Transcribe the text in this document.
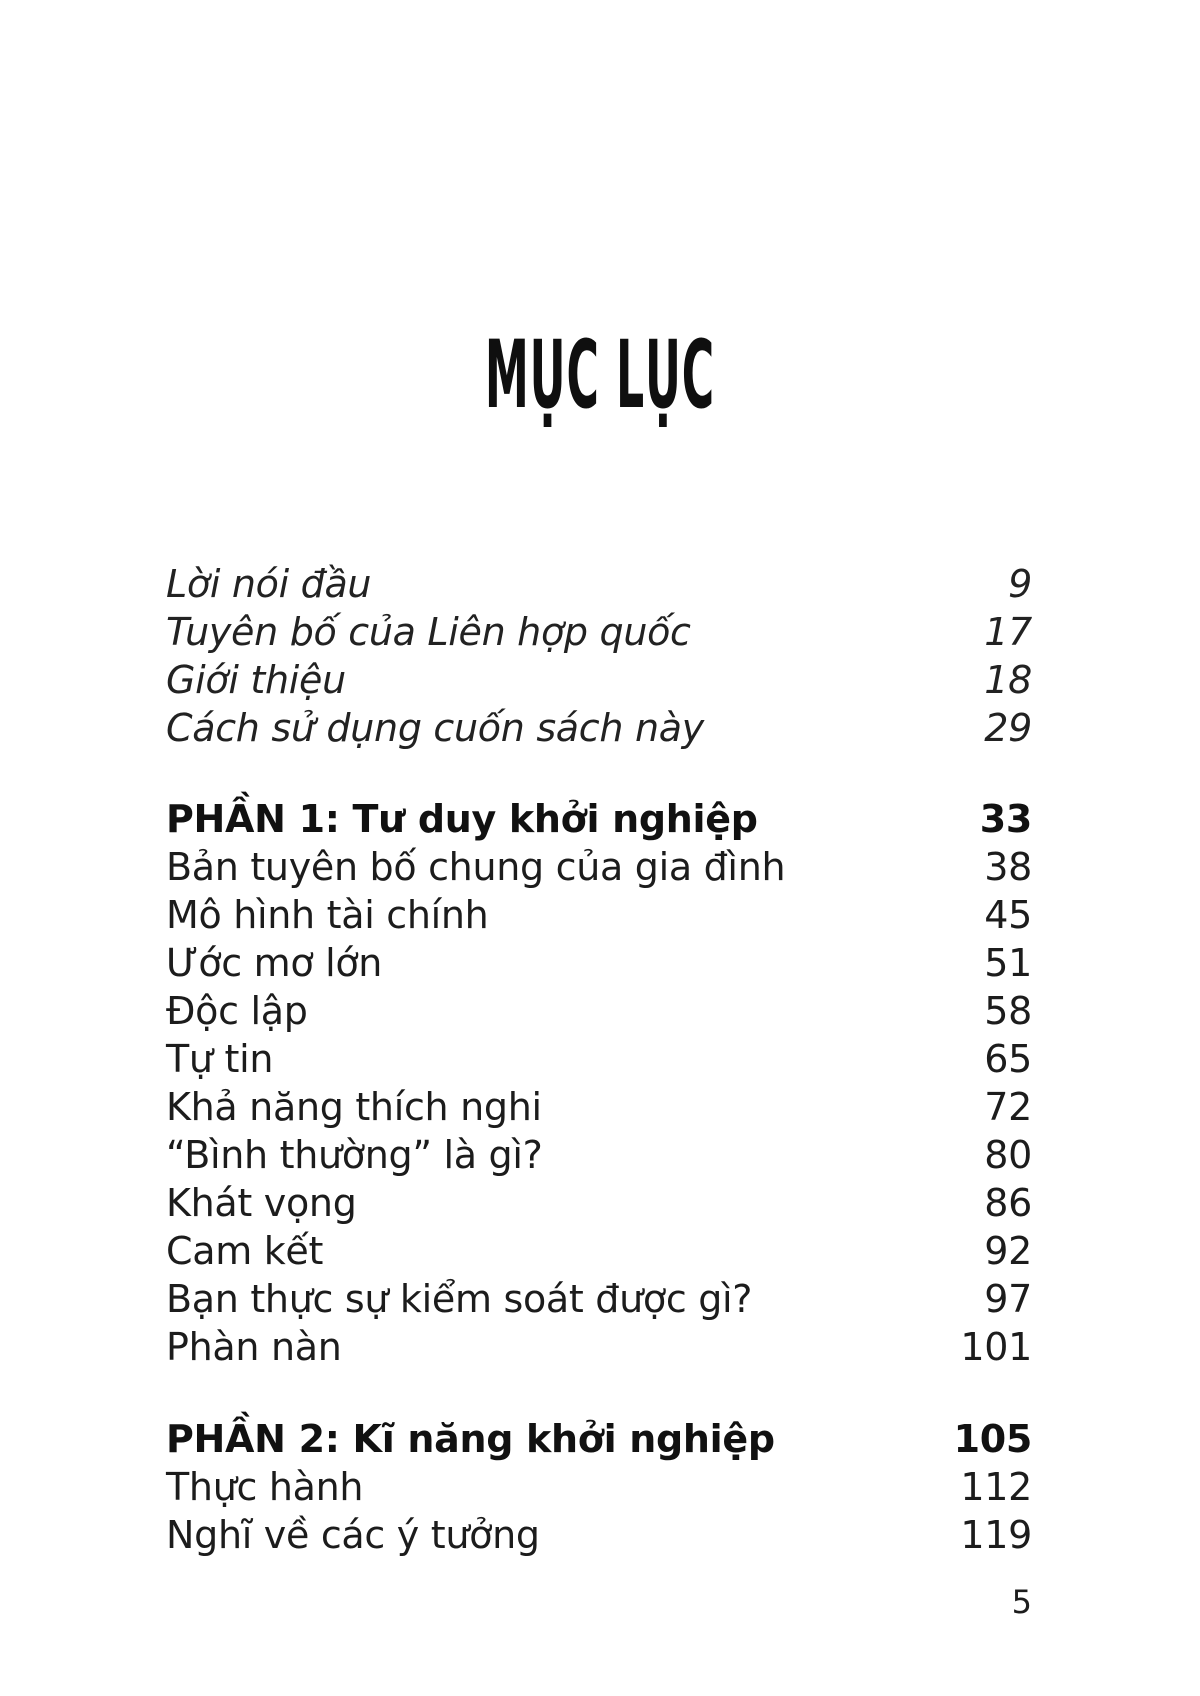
MỤC LỤC
Lời nói đầu	9
Tuyên bố của Liên hợp quốc	17
Giới thiệu	18
Cách sử dụng cuốn sách này	29
PHẦN 1: Tư duy khởi nghiệp	33
Bản tuyên bố chung của gia đình	38
Mô hình tài chính	45
Ước mơ lớn	51
Độc lập	58
Tự tin	65
Khả năng thích nghi	72
“Bình thường” là gì?	80
Khát vọng	86
Cam kết	92
Bạn thực sự kiểm soát được gì?	97
Phàn nàn	101
PHẦN 2: Kĩ năng khởi nghiệp	105
Thực hành	112
Nghĩ về các ý tưởng	119
5
